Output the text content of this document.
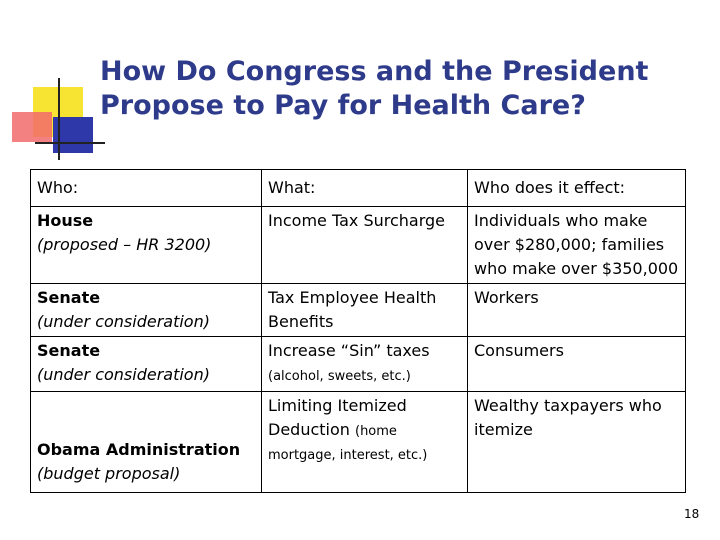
How Do Congress and the President
Propose to Pay for Health Care?
Who:	What:	Who does it effect:

House
(proposed – HR 3200)	Income Tax Surcharge	Individuals who make over $280,000; families who make over $350,000

Senate
(under consideration)	Tax Employee Health Benefits	Workers

Senate
(under consideration)	Increase “Sin” taxes
(alcohol, sweets, etc.)	Consumers

Obama Administration
(budget proposal)	Limiting Itemized Deduction (home
mortgage, interest, etc.)	Wealthy taxpayers who itemize
18
